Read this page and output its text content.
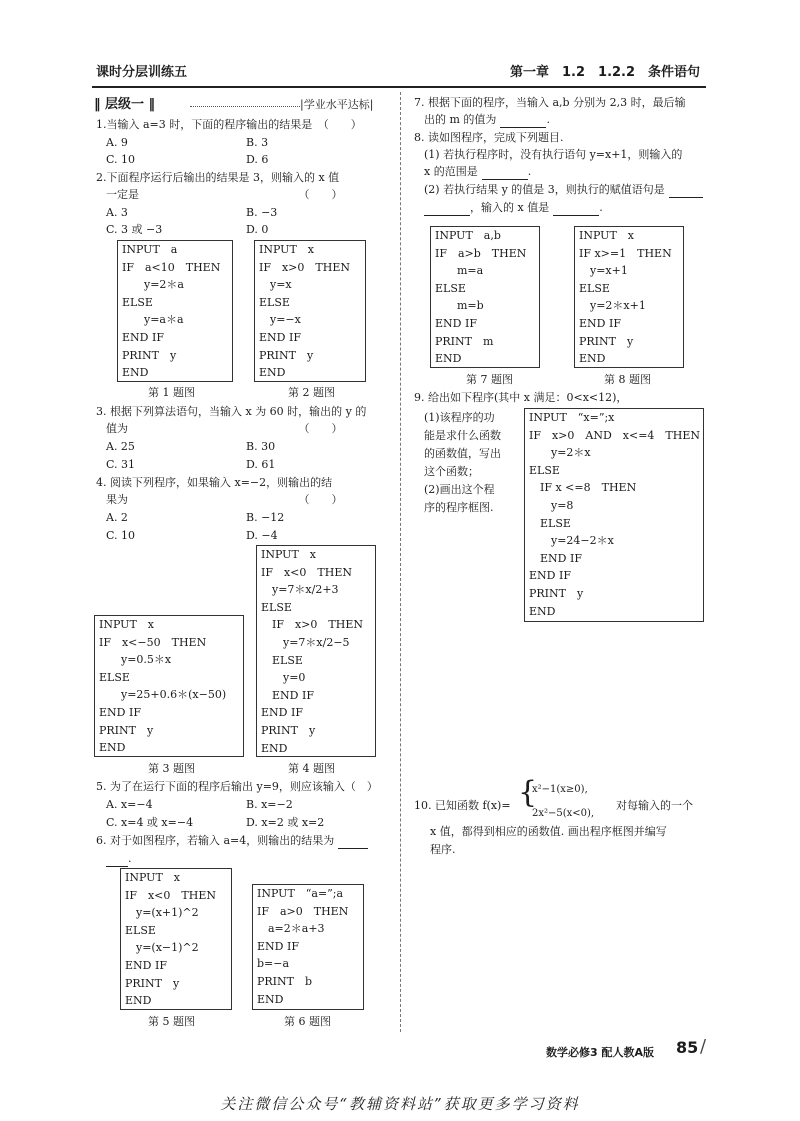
课时分层训练五	第一章　1.2　1.2.2　条件语句
‖ 层级一 ‖	|学业水平达标|
1.当输入 a=3 时，下面的程序输出的结果是　（　　）
A. 9	B. 3
C. 10	D. 6
2.下面程序运行后输出的结果是 3，则输入的 x 值
一定是　　　　　　　　　　　　　　　（　　）
A. 3	B. −3
C. 3 或 −3	D. 0
INPUT　a
IF　a<10　THEN
　　y=2＊a
ELSE
　　y=a＊a
END IF
PRINT　y
END
INPUT　x
IF　x>0　THEN
　y=x
ELSE
　y=−x
END IF
PRINT　y
END
第 1 题图	第 2 题图
3. 根据下列算法语句，当输入 x 为 60 时，输出的 y 的
值为　　　　　　　　　　　　　　　　（　　）
A. 25	B. 30
C. 31	D. 61
4. 阅读下列程序，如果输入 x=−2，则输出的结
果为　　　　　　　　　　　　　　　　（　　）
A. 2	B. −12
C. 10	D. −4
INPUT　x
IF　x<−50　THEN
　　y=0.5＊x
ELSE
　　y=25+0.6＊(x−50)
END IF
PRINT　y
END
INPUT　x
IF　x<0　THEN
　y=7＊x/2+3
ELSE
　IF　x>0　THEN
　　y=7＊x/2−5
　ELSE
　　y=0
　END IF
END IF
PRINT　y
END
第 3 题图	第 4 题图
5. 为了在运行下面的程序后输出 y=9，则应该输入（　）
A. x=−4	B. x=−2
C. x=4 或 x=−4	D. x=2 或 x=2
6. 对于如图程序，若输入 a=4，则输出的结果为
.
INPUT　x
IF　x<0　THEN
　y=(x+1)^2
ELSE
　y=(x−1)^2
END IF
PRINT　y
END
INPUT　“a=”;a
IF　a>0　THEN
　a=2＊a+3
END IF
b=−a
PRINT　b
END
第 5 题图	第 6 题图
7. 根据下面的程序，当输入 a,b 分别为 2,3 时，最后输
出的 m 的值为	.
8. 读如图程序，完成下列题目.
(1) 若执行程序时，没有执行语句 y=x+1，则输入的
x 的范围是	.
(2) 若执行结果 y 的值是 3，则执行的赋值语句是
，输入的 x 值是	.
INPUT　a,b
IF　a>b　THEN
　　m=a
ELSE
　　m=b
END IF
PRINT　m
END
INPUT　x
IF x>=1　THEN
　y=x+1
ELSE
　y=2＊x+1
END IF
PRINT　y
END
第 7 题图	第 8 题图
9. 给出如下程序(其中 x 满足：0<x<12)，
(1)该程序的功
能是求什么函数
的函数值，写出
这个函数；
(2)画出这个程
序的程序框图.
INPUT　“x=”;x
IF　x>0　AND　x<=4　THEN
　　y=2＊x
ELSE
　IF x <=8　THEN
　　y=8
　ELSE
　　y=24−2＊x
　END IF
END IF
PRINT　y
END
10. 已知函数 f(x)= {
x²−1(x≥0),
2x²−5(x<0),
对每输入的一个
x 值，都得到相应的函数值. 画出程序框图并编写
程序.
数学必修3 配人教A版 85 /
关注微信公众号“教辅资料站”获取更多学习资料
